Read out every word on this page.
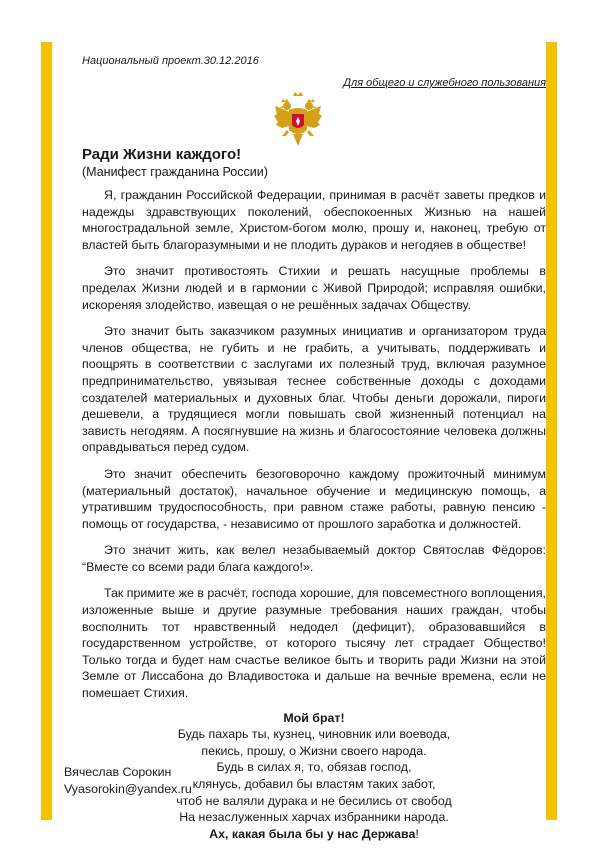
Национальный проект.30.12.2016
Для общего и служебного пользования
Ради Жизни каждого!
(Манифест гражданина России)

Я, гражданин Российской Федерации, принимая в расчёт заветы предков и надежды здравствующих поколений, обеспокоенных Жизнью на нашей многострадальной земле, Христом-богом молю, прошу и, наконец, требую от властей быть благоразумными и не плодить дураков и негодяев в обществе!

Это значит противостоять Стихии и решать насущные проблемы в пределах Жизни людей и в гармонии с Живой Природой; исправляя ошибки, искореняя злодейство, извещая о не решённых задачах Обществу.

Это значит быть заказчиком разумных инициатив и организатором труда членов общества, не губить и не грабить, а учитывать, поддерживать и поощрять в соответствии с заслугами их полезный труд, включая разумное предпринимательство, увязывая теснее собственные доходы с доходами создателей материальных и духовных благ. Чтобы деньги дорожали, пироги дешевели, а трудящиеся могли повышать свой жизненный потенциал на зависть негодяям. А посягнувшие на жизнь и благосостояние человека должны оправдываться перед судом.

Это значит обеспечить безоговорочно каждому прожиточный минимум (материальный достаток), начальное обучение и медицинскую помощь, а утратившим трудоспособность, при равном стаже работы, равную пенсию - помощь от государства, - независимо от прошлого заработка и должностей.

Это значит жить, как велел незабываемый доктор Святослав Фёдоров: “Вместе со всеми ради блага каждого!».

Так примите же в расчёт, господа хорошие, для повсеместного воплощения, изложенные выше и другие разумные требования наших граждан, чтобы восполнить тот нравственный недодел (дефицит), образовавшийся в государственном устройстве, от которого тысячу лет страдает Общество! Только тогда и будет нам счастье великое быть и творить ради Жизни на этой Земле от Лиссабона до Владивостока и дальше на вечные времена, если не помешает Стихия.

Мой брат!
Будь пахарь ты, кузнец, чиновник или воевода,
пекись, прошу, о Жизни своего народа.
Будь в силах я, то, обязав господ,
клянусь, добавил бы властям таких забот,
чтоб не валяли дурака и не бесились от свобод
На незаслуженных харчах избранники народа.
Ах, какая была бы у нас Держава!
Вячеслав Сорокин
Vyasorokin@yandex.ru
